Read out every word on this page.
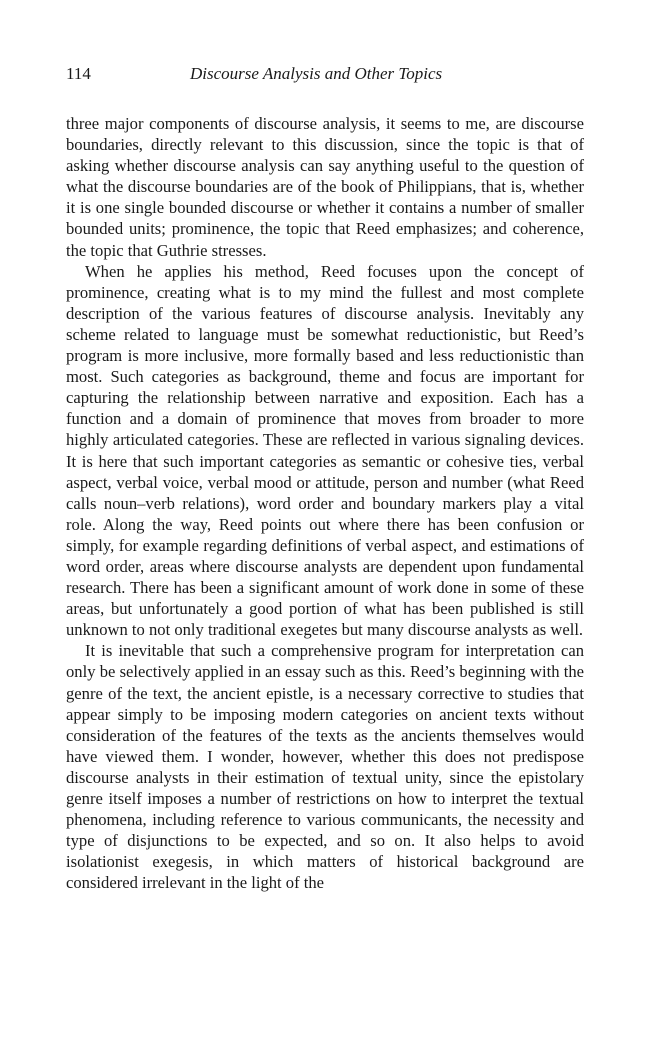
114	Discourse Analysis and Other Topics

three major components of discourse analysis, it seems to me, are discourse boundaries, directly relevant to this discussion, since the topic is that of asking whether discourse analysis can say anything useful to the question of what the discourse boundaries are of the book of Philippians, that is, whether it is one single bounded discourse or whether it contains a number of smaller bounded units; prominence, the topic that Reed emphasizes; and coherence, the topic that Guthrie stresses.

When he applies his method, Reed focuses upon the concept of prominence, creating what is to my mind the fullest and most complete description of the various features of discourse analysis. Inevitably any scheme related to language must be somewhat reductionistic, but Reed’s program is more inclusive, more formally based and less reductionistic than most. Such categories as background, theme and focus are important for capturing the relationship between narrative and exposition. Each has a function and a domain of prominence that moves from broader to more highly articulated categories. These are reflected in various signaling devices. It is here that such important categories as semantic or cohesive ties, verbal aspect, verbal voice, verbal mood or attitude, person and number (what Reed calls noun–verb relations), word order and boundary markers play a vital role. Along the way, Reed points out where there has been confusion or simply, for example regarding definitions of verbal aspect, and estimations of word order, areas where discourse analysts are dependent upon fundamental research. There has been a significant amount of work done in some of these areas, but unfortunately a good portion of what has been published is still unknown to not only traditional exegetes but many discourse analysts as well.

It is inevitable that such a comprehensive program for interpretation can only be selectively applied in an essay such as this. Reed’s beginning with the genre of the text, the ancient epistle, is a necessary corrective to studies that appear simply to be imposing modern categories on ancient texts without consideration of the features of the texts as the ancients themselves would have viewed them. I wonder, however, whether this does not predispose discourse analysts in their estimation of textual unity, since the epistolary genre itself imposes a number of restrictions on how to interpret the textual phenomena, including reference to various communicants, the necessity and type of disjunctions to be expected, and so on. It also helps to avoid isolationist exegesis, in which matters of historical background are considered irrelevant in the light of the
